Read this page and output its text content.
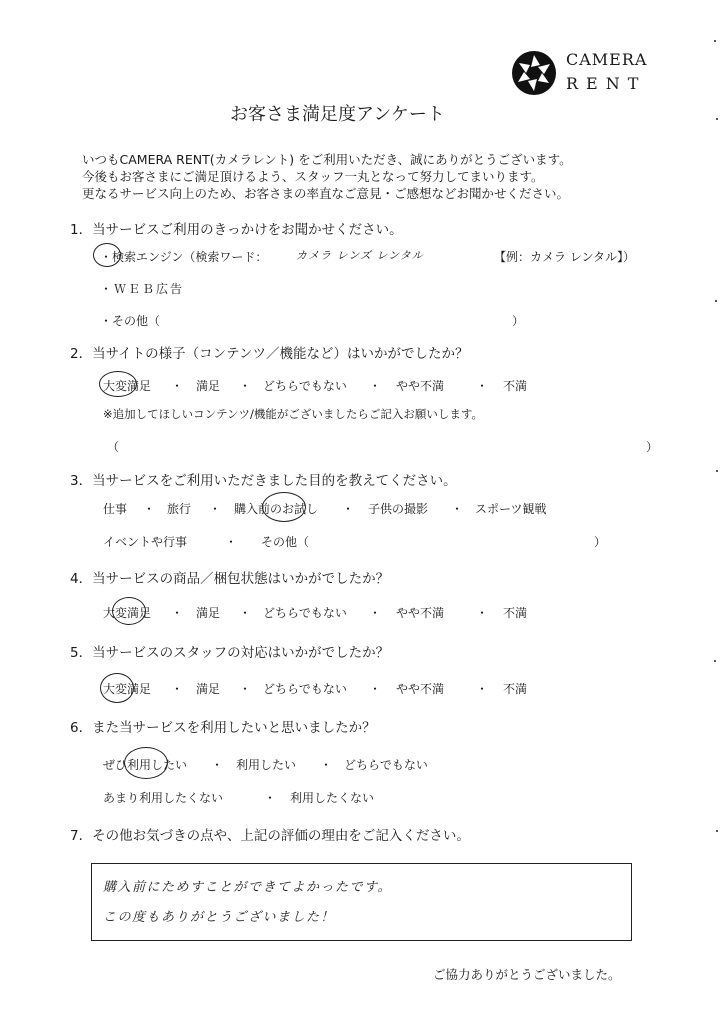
CAMERA
RENT
お客さま満足度アンケート
いつもCAMERA RENT(カメラレント) をご利用いただき、誠にありがとうございます。
今後もお客さまにご満足頂けるよう、スタッフ一丸となって努力してまいります。
更なるサービス向上のため、お客さまの率直なご意見・ご感想などお聞かせください。
1．当サービスご利用のきっかけをお聞かせください。
・検索エンジン（検索ワード：	カメラ レンズ レンタル	【例：カメラ レンタル】）
・ＷＥＢ広告
・その他（	）
2．当サイトの様子（コンテンツ／機能など）はいかがでしたか？
大変満足 ・ 満足 ・ どちらでもない ・ やや不満	・ 不満
※追加してほしいコンテンツ/機能がございましたらご記入お願いします。
（	）
3．当サービスをご利用いただきました目的を教えてください。
仕事 ・ 旅行 ・ 購入前のお試し ・ 子供の撮影 ・ スポーツ観戦
イベントや行事	・ その他（	）
4．当サービスの商品／梱包状態はいかがでしたか？
大変満足 ・ 満足 ・ どちらでもない ・ やや不満	・ 不満
5．当サービスのスタッフの対応はいかがでしたか？
大変満足 ・ 満足 ・ どちらでもない ・ やや不満	・ 不満
6．また当サービスを利用したいと思いましたか？
ぜひ利用したい ・ 利用したい ・ どちらでもない
あまり利用したくない	・ 利用したくない
7．その他お気づきの点や、上記の評価の理由をご記入ください。
購入前にためすことができてよかったです。
この度もありがとうございました！
ご協力ありがとうございました。
